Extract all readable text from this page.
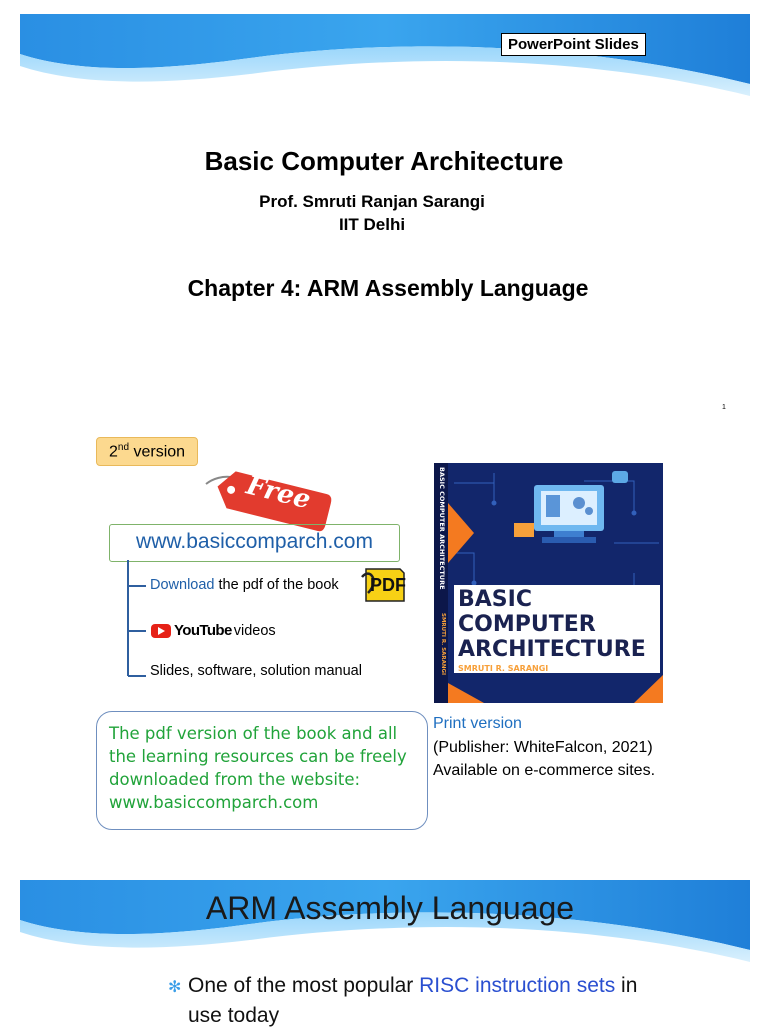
PowerPoint Slides
Basic Computer Architecture
Prof. Smruti Ranjan Sarangi
IIT Delhi
Chapter 4: ARM Assembly Language
1
2nd version
Free
www.basiccomparch.com
Download the pdf of the book PDF
YouTube videos
Slides, software, solution manual
The pdf version of the book and all the learning resources can be freely downloaded from the website: www.basiccomparch.com
BASIC COMPUTER ARCHITECTURE
SMRUTI R. SARANGI
BASIC
COMPUTER
ARCHITECTURE
SMRUTI R. SARANGI
Print version
(Publisher: WhiteFalcon, 2021)
Available on e-commerce sites.
ARM Assembly Language
✻ One of the most popular RISC instruction sets in use today
